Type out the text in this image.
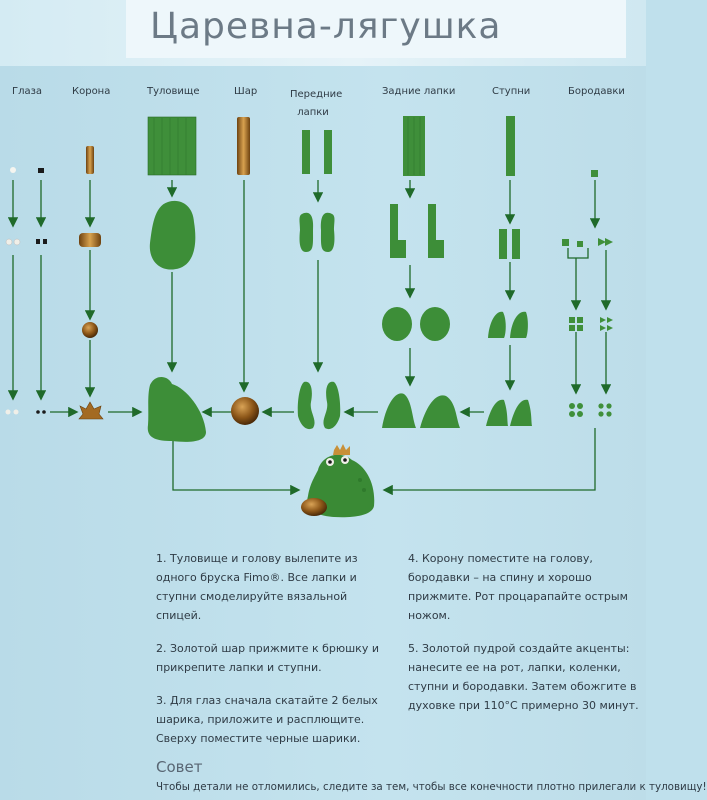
Царевна-лягушка
Глаза	Корона	Туловище	Шар	Передние лапки
Задние лапки	Ступни	Бородавки

1. Туловище и голову вылепите из одного бруска Fimo®. Все лапки и ступни смоделируйте вязальной спицей.

2. Золотой шар прижмите к брюшку и прикрепите лапки и ступни.

3. Для глаз сначала скатайте 2 белых шарика, приложите и расплющите. Сверху поместите черные шарики.

4. Корону поместите на голову, бородавки – на спину и хорошо прижмите. Рот процарапайте острым ножом.

5. Золотой пудрой создайте акценты: нанесите ее на рот, лапки, коленки, ступни и бородавки. Затем обожгите в духовке при 110°C примерно 30 минут.

Совет
Чтобы детали не отломились, следите за тем, чтобы все конечности плотно прилегали к туловищу!
